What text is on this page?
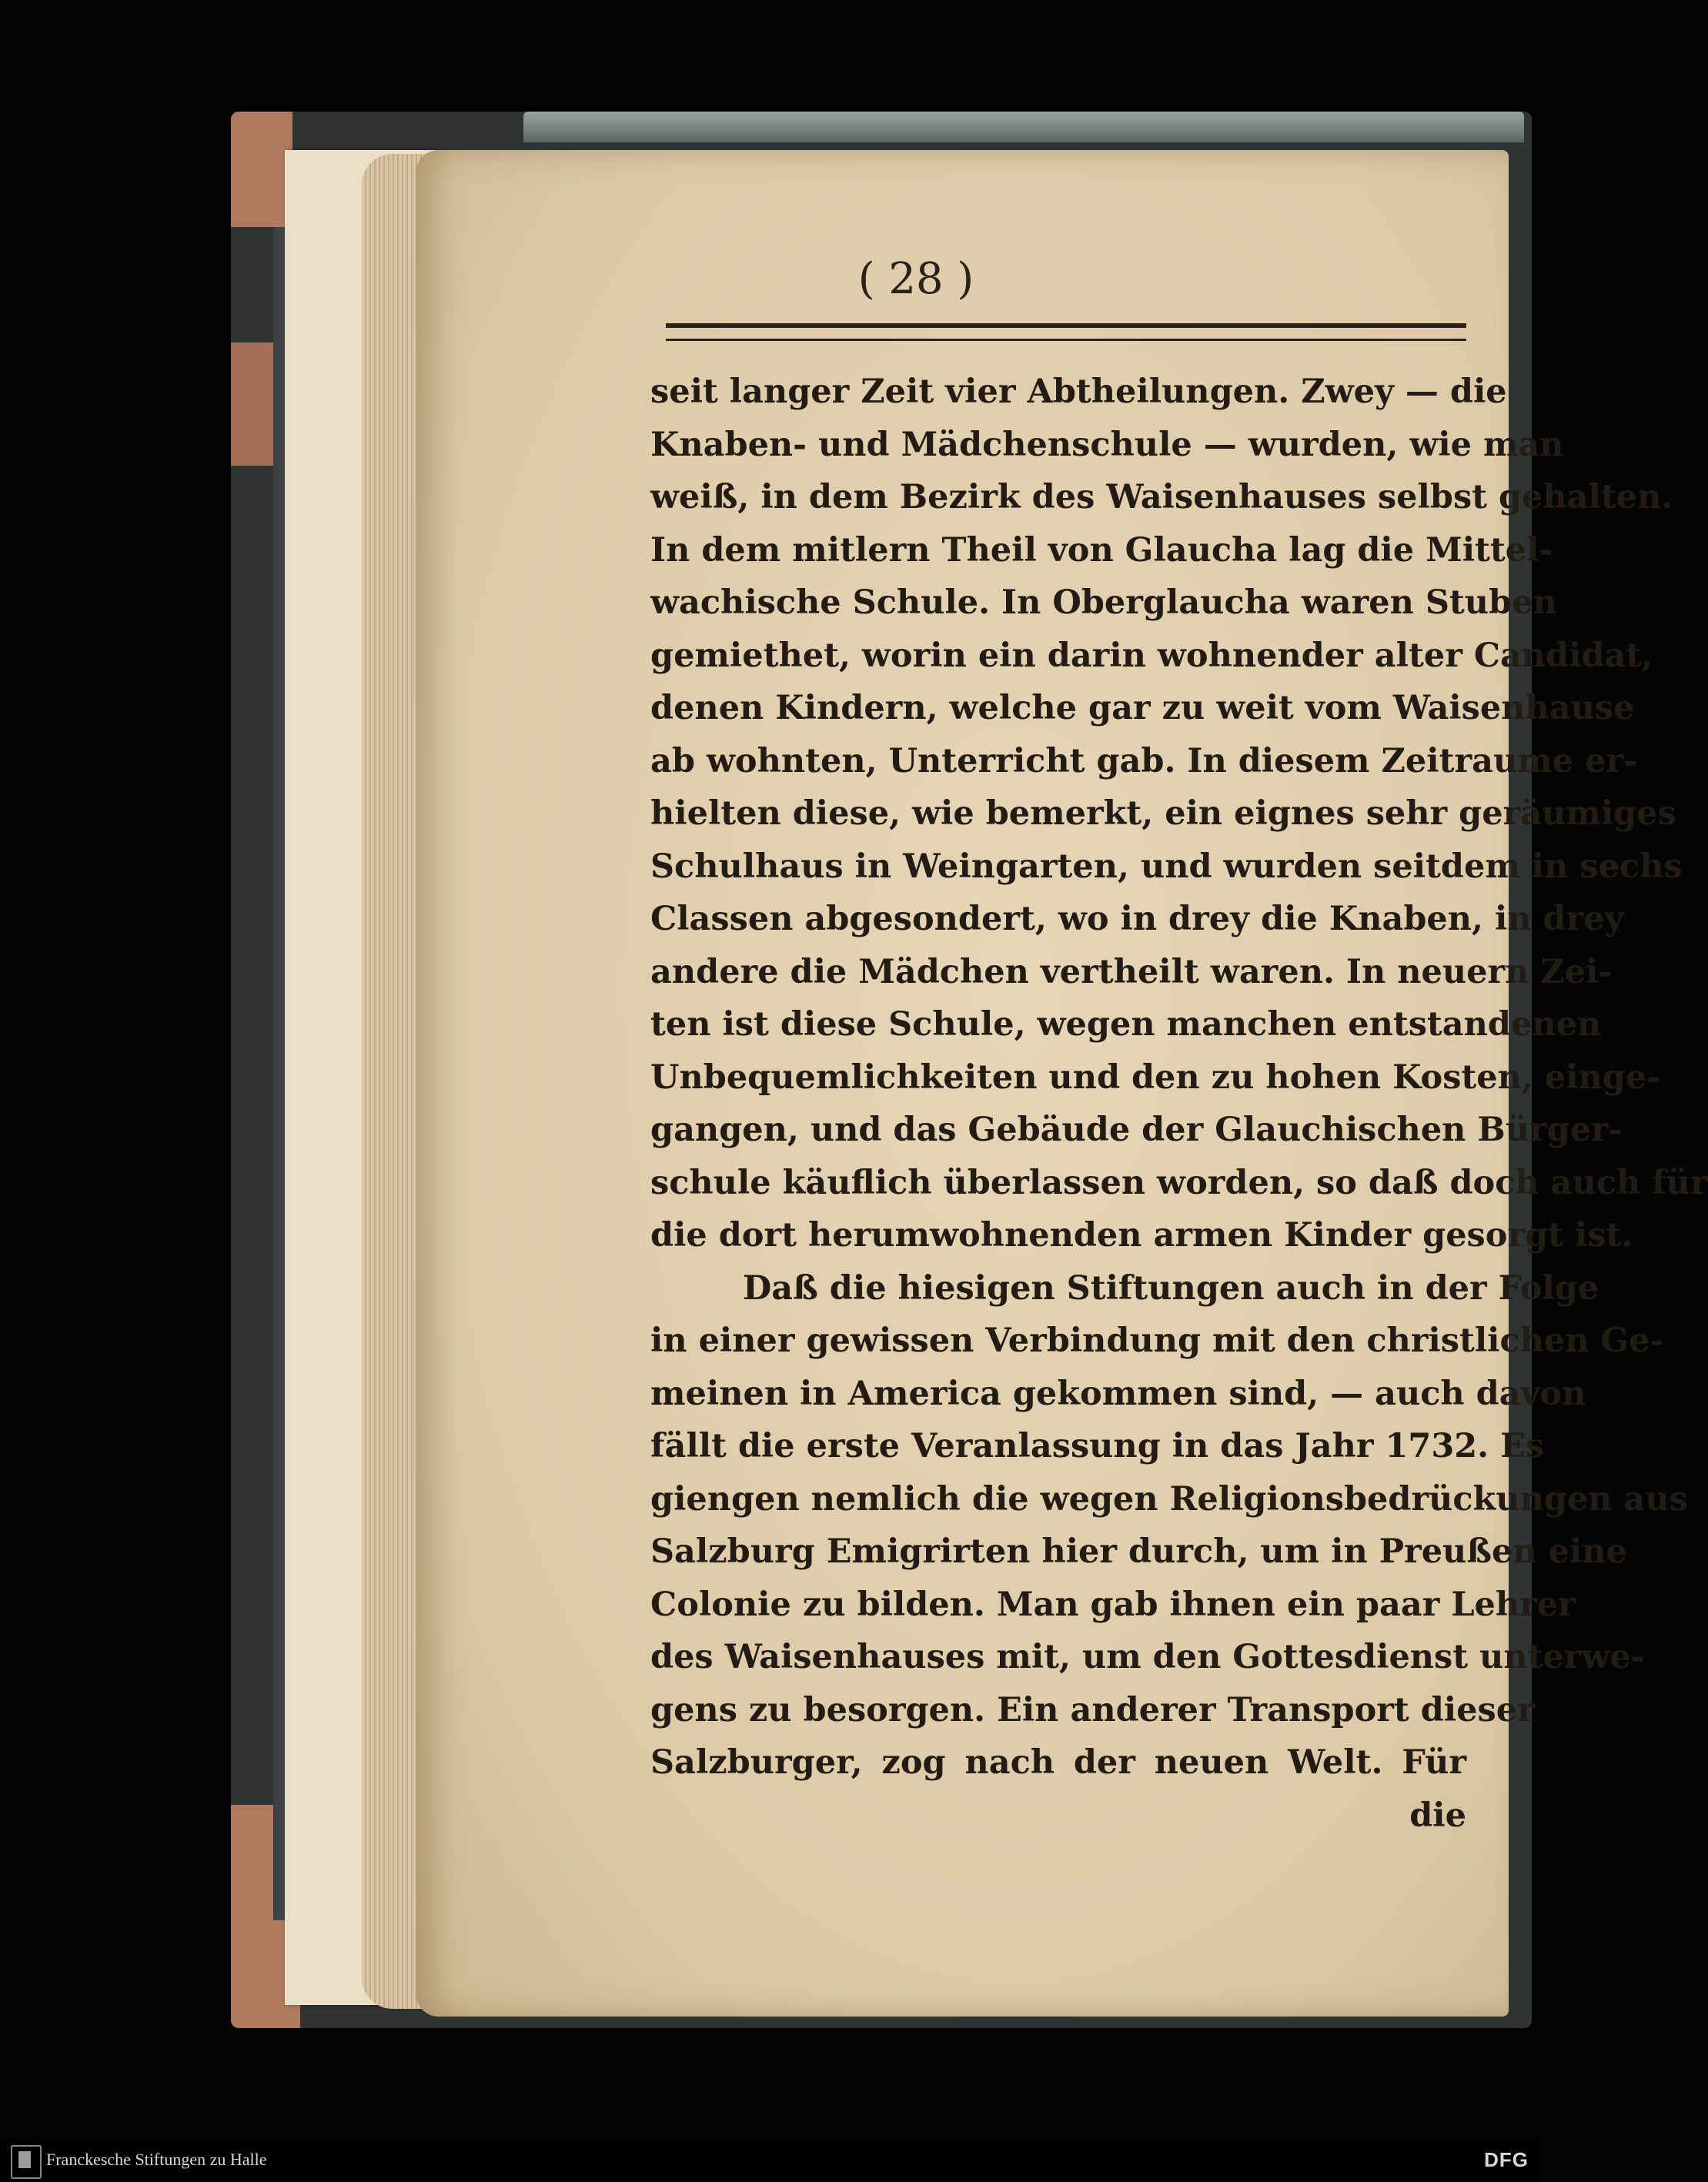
( 28 )
seit langer Zeit vier Abtheilungen. Zwey — die
Knaben- und Mädchenschule — wurden, wie man
weiß, in dem Bezirk des Waisenhauses selbst gehalten.
In dem mitlern Theil von Glaucha lag die Mittel-
wachische Schule. In Oberglaucha waren Stuben
gemiethet, worin ein darin wohnender alter Candidat,
denen Kindern, welche gar zu weit vom Waisenhause
ab wohnten, Unterricht gab. In diesem Zeitraume er-
hielten diese, wie bemerkt, ein eignes sehr geräumiges
Schulhaus in Weingarten, und wurden seitdem in sechs
Classen abgesondert, wo in drey die Knaben, in drey
andere die Mädchen vertheilt waren. In neuern Zei-
ten ist diese Schule, wegen manchen entstandenen
Unbequemlichkeiten und den zu hohen Kosten, einge-
gangen, und das Gebäude der Glauchischen Bürger-
schule käuflich überlassen worden, so daß doch auch für
die dort herumwohnenden armen Kinder gesorgt ist.
Daß die hiesigen Stiftungen auch in der Folge
in einer gewissen Verbindung mit den christlichen Ge-
meinen in America gekommen sind, — auch davon
fällt die erste Veranlassung in das Jahr 1732. Es
giengen nemlich die wegen Religionsbedrückungen aus
Salzburg Emigrirten hier durch, um in Preußen eine
Colonie zu bilden. Man gab ihnen ein paar Lehrer
des Waisenhauses mit, um den Gottesdienst unterwe-
gens zu besorgen. Ein anderer Transport dieser
Salzburger, zog nach der neuen Welt. Für
die
Franckesche Stiftungen zu Halle	DFG
